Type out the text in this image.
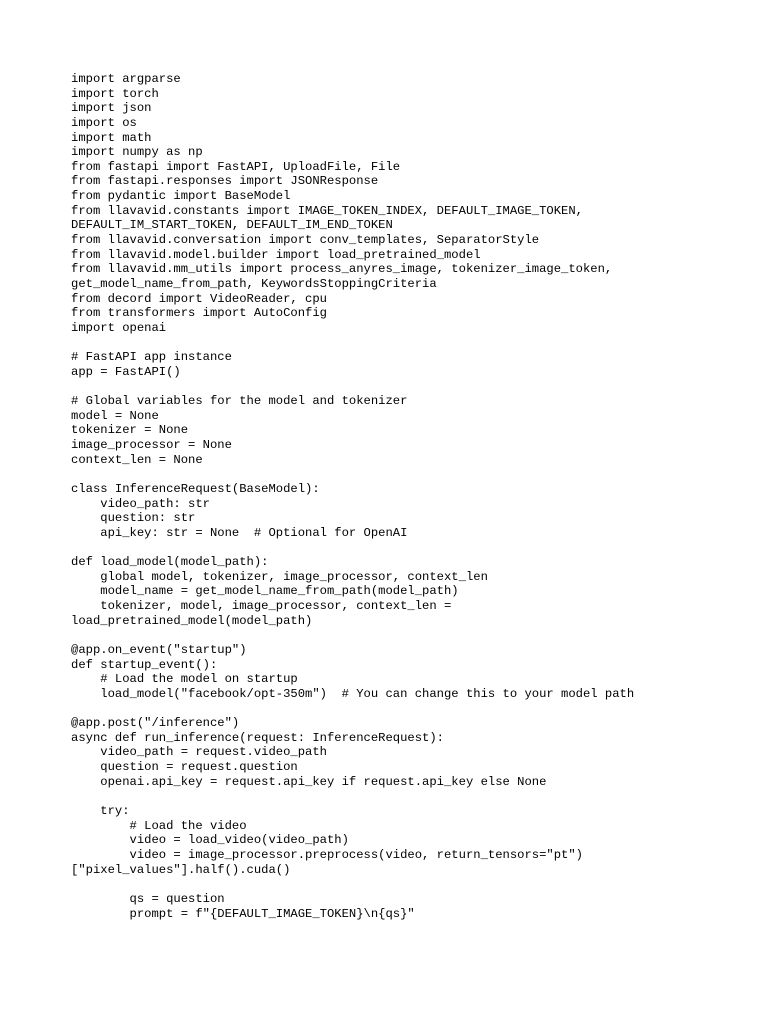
import argparse
import torch
import json
import os
import math
import numpy as np
from fastapi import FastAPI, UploadFile, File
from fastapi.responses import JSONResponse
from pydantic import BaseModel
from llavavid.constants import IMAGE_TOKEN_INDEX, DEFAULT_IMAGE_TOKEN,
DEFAULT_IM_START_TOKEN, DEFAULT_IM_END_TOKEN
from llavavid.conversation import conv_templates, SeparatorStyle
from llavavid.model.builder import load_pretrained_model
from llavavid.mm_utils import process_anyres_image, tokenizer_image_token,
get_model_name_from_path, KeywordsStoppingCriteria
from decord import VideoReader, cpu
from transformers import AutoConfig
import openai
# FastAPI app instance
app = FastAPI()
# Global variables for the model and tokenizer
model = None
tokenizer = None
image_processor = None
context_len = None
class InferenceRequest(BaseModel):
video_path: str
question: str
api_key: str = None  # Optional for OpenAI
def load_model(model_path):
global model, tokenizer, image_processor, context_len
model_name = get_model_name_from_path(model_path)
tokenizer, model, image_processor, context_len =
load_pretrained_model(model_path)
@app.on_event("startup")
def startup_event():
# Load the model on startup
load_model("facebook/opt-350m")  # You can change this to your model path
@app.post("/inference")
async def run_inference(request: InferenceRequest):
video_path = request.video_path
question = request.question
openai.api_key = request.api_key if request.api_key else None
try:
# Load the video
video = load_video(video_path)
video = image_processor.preprocess(video, return_tensors="pt")
["pixel_values"].half().cuda()
qs = question
prompt = f"{DEFAULT_IMAGE_TOKEN}\n{qs}"
